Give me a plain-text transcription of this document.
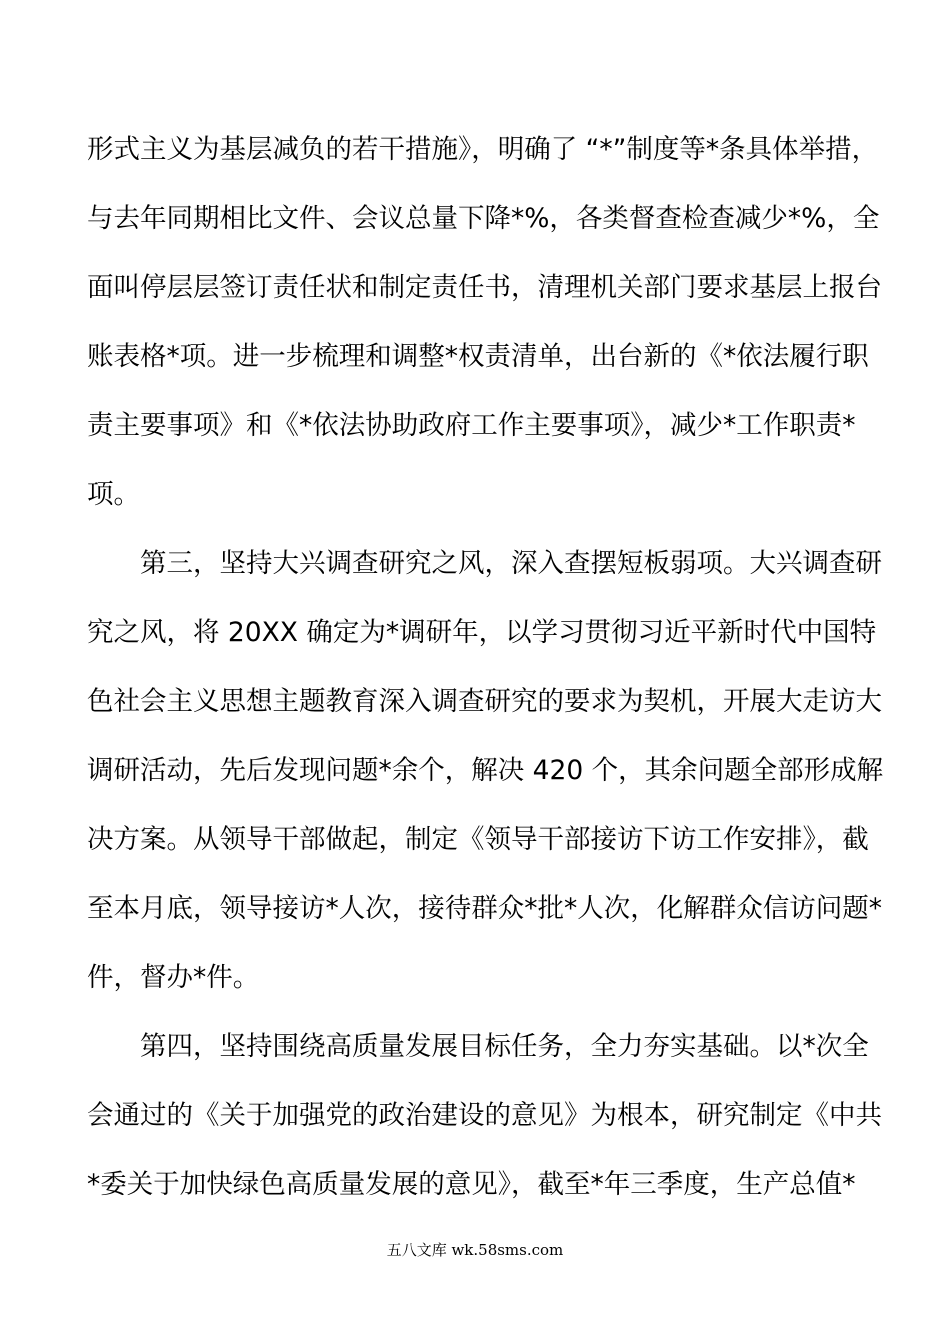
形式主义为基层减负的若干措施》，明确了 “*”制度等*条具体举措，
与去年同期相比文件、会议总量下降*%，各类督查检查减少*%，全
面叫停层层签订责任状和制定责任书，清理机关部门要求基层上报台
账表格*项。进一步梳理和调整*权责清单，出台新的《*依法履行职
责主要事项》和《*依法协助政府工作主要事项》，减少*工作职责*
项。
第三，坚持大兴调查研究之风，深入查摆短板弱项。大兴调查研
究之风，将 20XX 确定为*调研年，以学习贯彻习近平新时代中国特
色社会主义思想主题教育深入调查研究的要求为契机，开展大走访大
调研活动，先后发现问题*余个，解决 420 个，其余问题全部形成解
决方案。从领导干部做起，制定《领导干部接访下访工作安排》，截
至本月底，领导接访*人次，接待群众*批*人次，化解群众信访问题*
件，督办*件。
第四，坚持围绕高质量发展目标任务，全力夯实基础。以*次全
会通过的《关于加强党的政治建设的意见》为根本，研究制定《中共
*委关于加快绿色高质量发展的意见》，截至*年三季度，生产总值*
五八文库 wk.58sms.com
